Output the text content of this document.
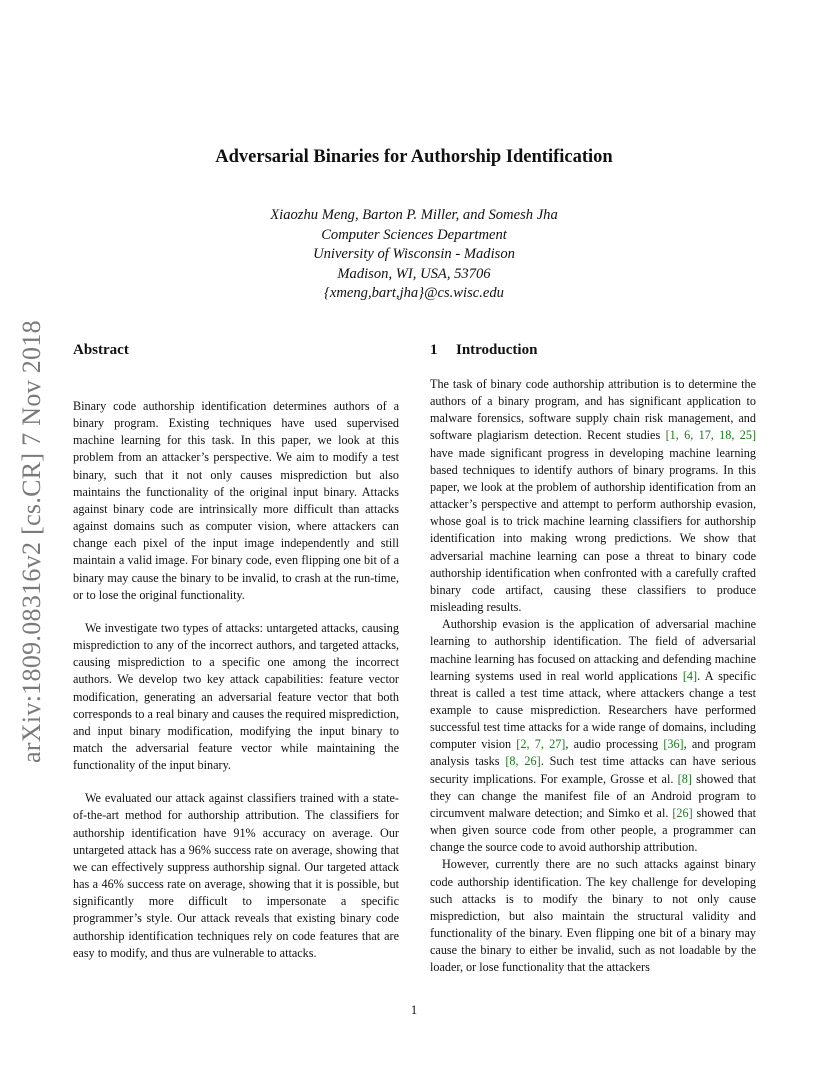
arXiv:1809.08316v2 [cs.CR] 7 Nov 2018
Adversarial Binaries for Authorship Identification
Xiaozhu Meng, Barton P. Miller, and Somesh Jha
Computer Sciences Department
University of Wisconsin - Madison
Madison, WI, USA, 53706
{xmeng,bart,jha}@cs.wisc.edu
Abstract

Binary code authorship identification determines authors of a binary program. Existing techniques have used supervised machine learning for this task. In this paper, we look at this problem from an attacker’s perspective. We aim to modify a test binary, such that it not only causes misprediction but also maintains the functionality of the original input binary. Attacks against binary code are intrinsically more difficult than attacks against domains such as computer vision, where attackers can change each pixel of the input image independently and still maintain a valid image. For binary code, even flipping one bit of a binary may cause the binary to be invalid, to crash at the run-time, or to lose the original functionality.

We investigate two types of attacks: untargeted attacks, causing misprediction to any of the incorrect authors, and targeted attacks, causing misprediction to a specific one among the incorrect authors. We develop two key attack capabilities: feature vector modification, generating an adversarial feature vector that both corresponds to a real binary and causes the required misprediction, and input binary modification, modifying the input binary to match the adversarial feature vector while maintaining the functionality of the input binary.

We evaluated our attack against classifiers trained with a state-of-the-art method for authorship attribution. The classifiers for authorship identification have 91% accuracy on average. Our untargeted attack has a 96% success rate on average, showing that we can effectively suppress authorship signal. Our targeted attack has a 46% success rate on average, showing that it is possible, but significantly more difficult to impersonate a specific programmer’s style. Our attack reveals that existing binary code authorship identification techniques rely on code features that are easy to modify, and thus are vulnerable to attacks.

1 Introduction

The task of binary code authorship attribution is to determine the authors of a binary program, and has significant application to malware forensics, software supply chain risk management, and software plagiarism detection. Recent studies [1, 6, 17, 18, 25] have made significant progress in developing machine learning based techniques to identify authors of binary programs. In this paper, we look at the problem of authorship identification from an attacker’s perspective and attempt to perform authorship evasion, whose goal is to trick machine learning classifiers for authorship identification into making wrong predictions. We show that adversarial machine learning can pose a threat to binary code authorship identification when confronted with a carefully crafted binary code artifact, causing these classifiers to produce misleading results.

Authorship evasion is the application of adversarial machine learning to authorship identification. The field of adversarial machine learning has focused on attacking and defending machine learning systems used in real world applications [4]. A specific threat is called a test time attack, where attackers change a test example to cause misprediction. Researchers have performed successful test time attacks for a wide range of domains, including computer vision [2, 7, 27], audio processing [36], and program analysis tasks [8, 26]. Such test time attacks can have serious security implications. For example, Grosse et al. [8] showed that they can change the manifest file of an Android program to circumvent malware detection; and Simko et al. [26] showed that when given source code from other people, a programmer can change the source code to avoid authorship attribution.

However, currently there are no such attacks against binary code authorship identification. The key challenge for developing such attacks is to modify the binary to not only cause misprediction, but also maintain the structural validity and functionality of the binary. Even flipping one bit of a binary may cause the binary to either be invalid, such as not loadable by the loader, or lose functionality that the attackers

1
